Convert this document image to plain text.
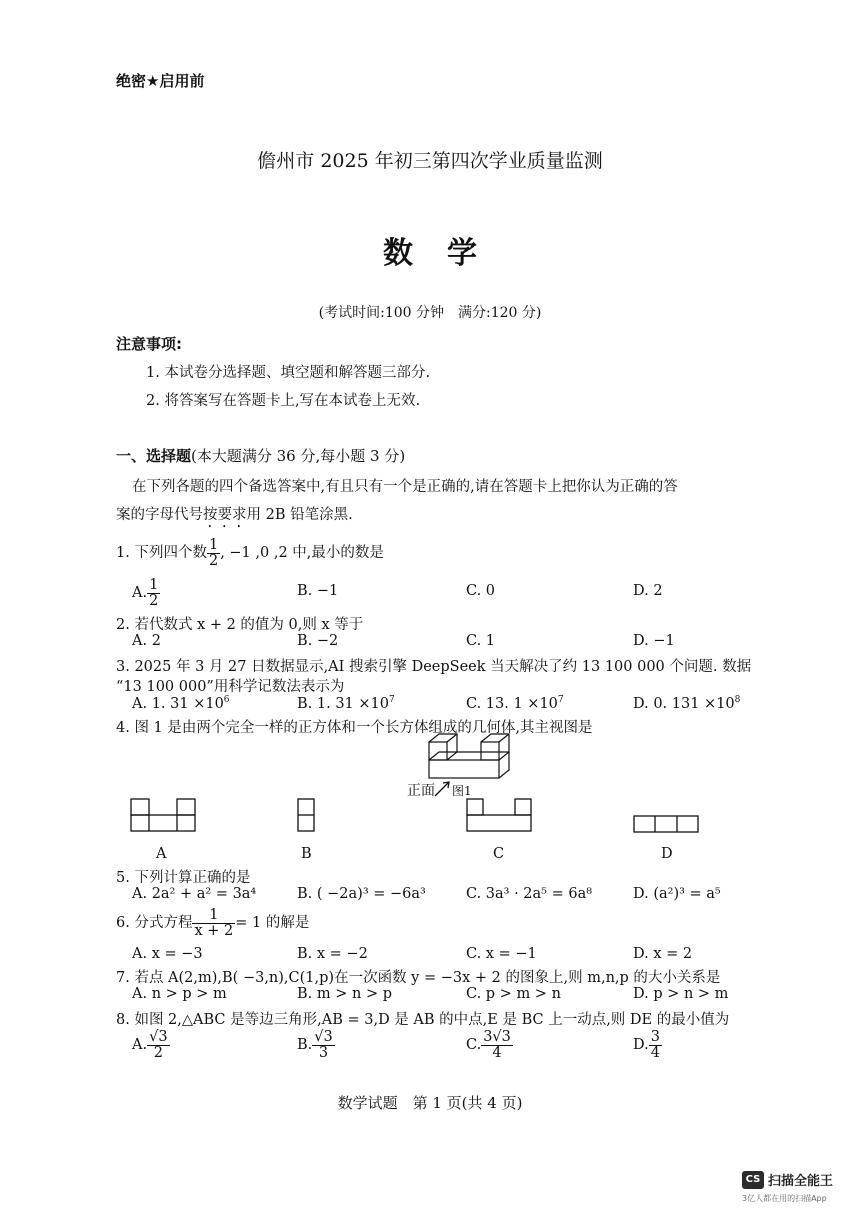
绝密★启用前
儋州市 2025 年初三第四次学业质量监测
数学
(考试时间:100 分钟　满分:120 分)
注意事项:
1. 本试卷分选择题、填空题和解答题三部分.
2. 将答案写在答题卡上,写在本试卷上无效.
一、选择题(本大题满分 36 分,每小题 3 分)
在下列各题的四个备选答案中,有且只有一个是正确的,请在答题卡上把你认为正确的答
案的字母代号按要求用 2B 铅笔涂黑.
1. 下列四个数 $\frac{1}{2}$ , −1 ,0 ,2 中,最小的数是
A. $\frac{1}{2}$	B. −1	C. 0	D. 2
2. 若代数式 x + 2 的值为 0,则 x 等于
A. 2	B. −2	C. 1	D. −1
3. 2025 年 3 月 27 日数据显示,AI 搜索引擎 DeepSeek 当天解决了约 13 100 000 个问题. 数据
“13 100 000”用科学记数法表示为
A. 1. $31 \times 10^6$	B. 1. $31 \times 10^7$	C. 13. $1 \times 10^7$	D. 0. $131 \times 10^8$
4. 图 1 是由两个完全一样的正方体和一个长方体组成的几何体,其主视图是
正面 图1
A	B	C	D
5. 下列计算正确的是
A. 2a² + a² = 3a⁴	B. ( −2a)³ = −6a³	C. 3a³ · 2a⁵ = 6a⁸	D. (a²)³ = a⁵
6. 分式方程 $\frac{1}{x + 2} = 1$ 的解是
A. x = −3	B. x = −2	C. x = −1	D. x = 2
7. 若点 A(2,m),B( −3,n),C(1,p)在一次函数 y = −3x + 2 的图象上,则 m,n,p 的大小关系是
A. n > p > m	B. m > n > p	C. p > m > n	D. p > n > m
8. 如图 2,△ABC 是等边三角形,AB = 3,D 是 AB 的中点,E 是 BC 上一动点,则 DE 的最小值为
A. $\frac{√3}{2}$	B. $\frac{√3}{3}$	C. $\frac{3√3}{4}$	D. $\frac{3}{4}$
数学试题　第 1 页(共 4 页)
CS 扫描全能王
3亿人都在用的扫描App
